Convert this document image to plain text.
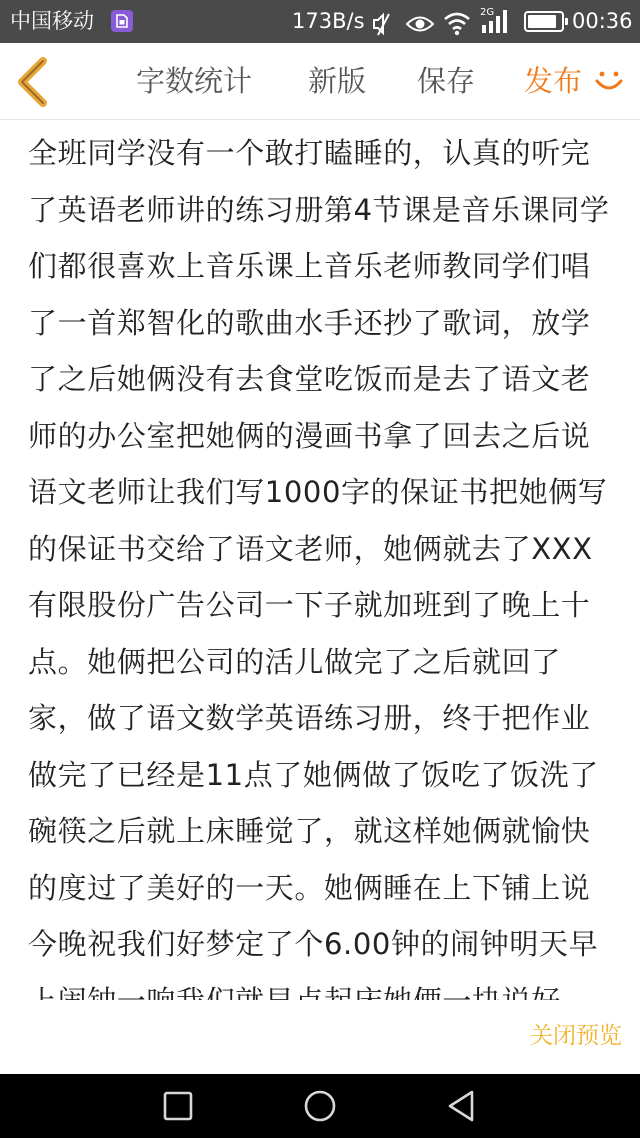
中国移动	173B/s	2G	00:36
字数统计 新版 保存 发布

全班同学没有一个敢打瞌睡的，认真的听完了英语老师讲的练习册第4节课是音乐课同学们都很喜欢上音乐课上音乐老师教同学们唱了一首郑智化的歌曲水手还抄了歌词，放学了之后她俩没有去食堂吃饭而是去了语文老师的办公室把她俩的漫画书拿了回去之后说语文老师让我们写1000字的保证书把她俩写的保证书交给了语文老师，她俩就去了XXX有限股份广告公司一下子就加班到了晚上十点。她俩把公司的活儿做完了之后就回了家，做了语文数学英语练习册，终于把作业做完了已经是11点了她俩做了饭吃了饭洗了碗筷之后就上床睡觉了，就这样她俩就愉快的度过了美好的一天。她俩睡在上下铺上说今晚祝我们好梦定了个6.00钟的闹钟明天早

关闭预览
